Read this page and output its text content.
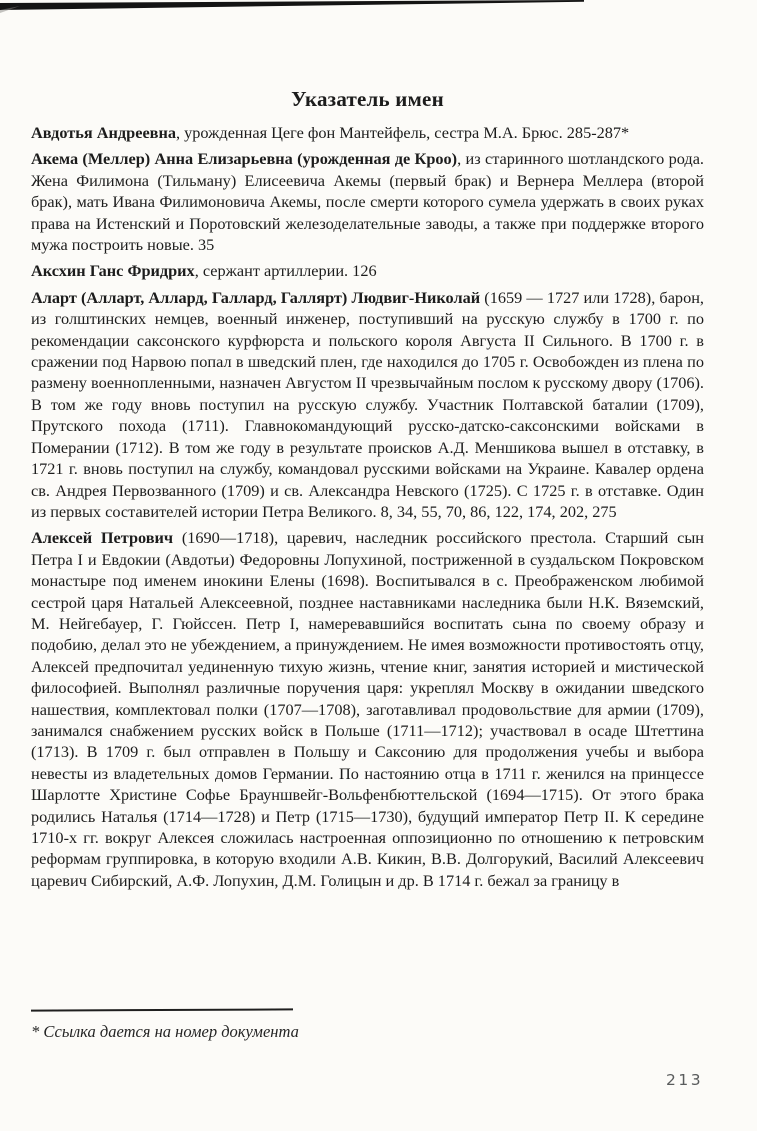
Указатель имен

Авдотья Андреевна, урожденная Цеге фон Мантейфель, сестра М.А. Брюс. 285-287*

Акема (Меллер) Анна Елизарьевна (урожденная де Кроо), из старинного шотландского рода. Жена Филимона (Тильману) Елисеевича Акемы (первый брак) и Вернера Меллера (второй брак), мать Ивана Филимоновича Акемы, после смерти которого сумела удержать в своих руках права на Истенский и Поротовский железоделательные заводы, а также при поддержке второго мужа построить новые. 35

Аксхин Ганс Фридрих, сержант артиллерии. 126

Аларт (Алларт, Аллард, Галлард, Галлярт) Людвиг-Николай (1659 — 1727 или 1728), барон, из голштинских немцев, военный инженер, поступивший на русскую службу в 1700 г. по рекомендации саксонского курфюрста и польского короля Августа II Сильного. В 1700 г. в сражении под Нарвою попал в шведский плен, где находился до 1705 г. Освобожден из плена по размену военнопленными, назначен Августом II чрезвычайным послом к русскому двору (1706). В том же году вновь поступил на русскую службу. Участник Полтавской баталии (1709), Прутского похода (1711). Главнокомандующий русско-датско-саксонскими войсками в Померании (1712). В том же году в результате происков А.Д. Меншикова вышел в отставку, в 1721 г. вновь поступил на службу, командовал русскими войсками на Украине. Кавалер ордена св. Андрея Первозванного (1709) и св. Александра Невского (1725). С 1725 г. в отставке. Один из первых составителей истории Петра Великого. 8, 34, 55, 70, 86, 122, 174, 202, 275

Алексей Петрович (1690—1718), царевич, наследник российского престола. Старший сын Петра I и Евдокии (Авдотьи) Федоровны Лопухиной, постриженной в суздальском Покровском монастыре под именем инокини Елены (1698). Воспитывался в с. Преображенском любимой сестрой царя Натальей Алексеевной, позднее наставниками наследника были Н.К. Вяземский, М. Нейгебауер, Г. Гюйссен. Петр I, намеревавшийся воспитать сына по своему образу и подобию, делал это не убеждением, а принуждением. Не имея возможности противостоять отцу, Алексей предпочитал уединенную тихую жизнь, чтение книг, занятия историей и мистической философией. Выполнял различные поручения царя: укреплял Москву в ожидании шведского нашествия, комплектовал полки (1707—1708), заготавливал продовольствие для армии (1709), занимался снабжением русских войск в Польше (1711—1712); участвовал в осаде Штеттина (1713). В 1709 г. был отправлен в Польшу и Саксонию для продолжения учебы и выбора невесты из владетельных домов Германии. По настоянию отца в 1711 г. женился на принцессе Шарлотте Христине Софье Брауншвейг-Вольфенбюттельской (1694—1715). От этого брака родились Наталья (1714—1728) и Петр (1715—1730), будущий император Петр II. К середине 1710-х гг. вокруг Алексея сложилась настроенная оппозиционно по отношению к петровским реформам группировка, в которую входили А.В. Кикин, В.В. Долгорукий, Василий Алексеевич царевич Сибирский, А.Ф. Лопухин, Д.М. Голицын и др. В 1714 г. бежал за границу в

* Ссылка дается на номер документа

213
